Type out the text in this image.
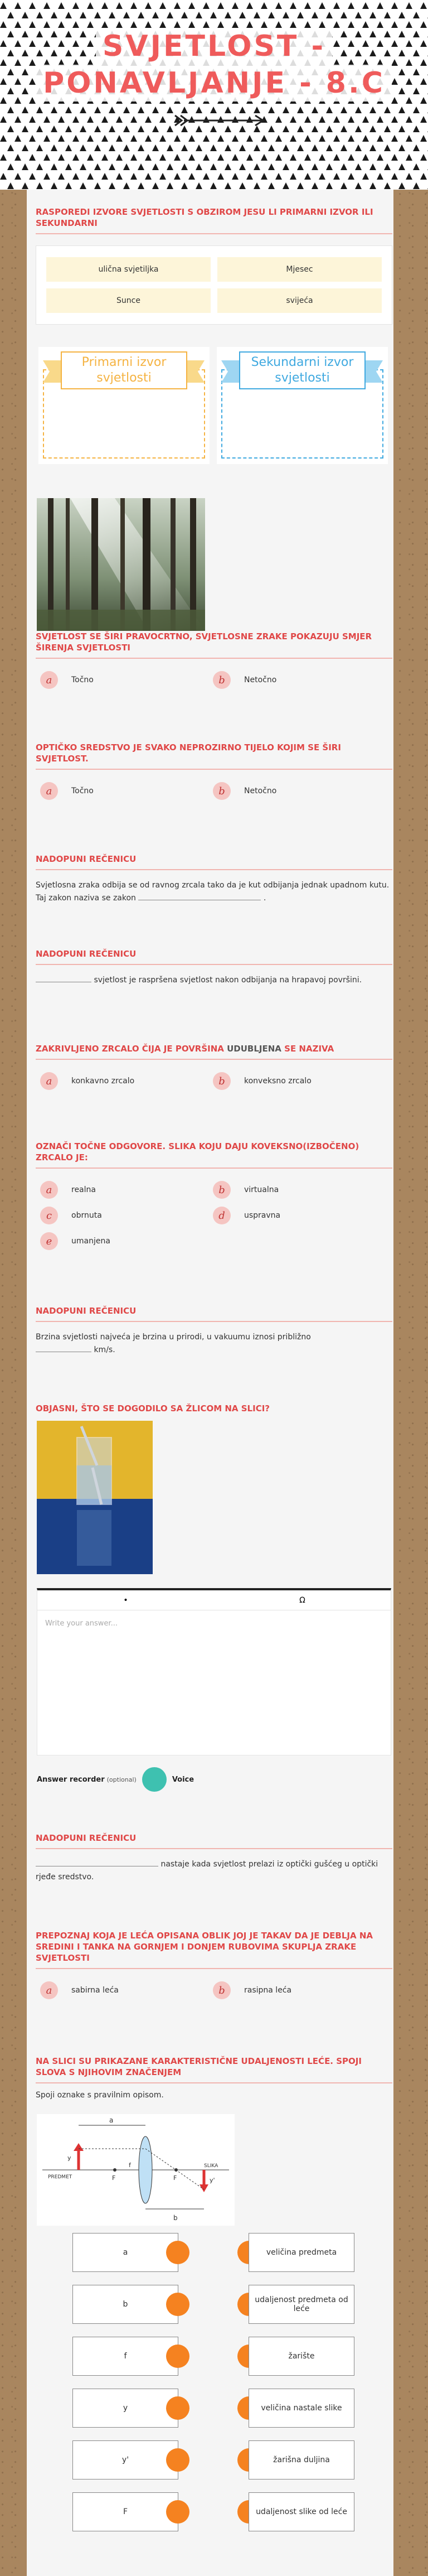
SVJETLOST -
PONAVLJANJE - 8.C
RASPOREDI IZVORE SVJETLOSTI S OBZIROM JESU LI PRIMARNI IZVOR ILI SEKUNDARNI
ulična svjetiljka	Mjesec
Sunce	svijeća
Primarni izvor svjetlosti
Sekundarni izvor svjetlosti
SVJETLOST SE ŠIRI PRAVOCRTNO, SVJETLOSNE ZRAKE POKAZUJU SMJER ŠIRENJA SVJETLOSTI
a	Točno	b	Netočno
OPTIČKO SREDSTVO JE SVAKO NEPROZIRNO TIJELO KOJIM SE ŠIRI SVJETLOST.
a	Točno	b	Netočno
NADOPUNI REČENICU
Svjetlosna zraka odbija se od ravnog zrcala tako da je kut odbijanja jednak upadnom kutu. Taj zakon naziva se zakon	.
NADOPUNI REČENICU
svjetlost je raspršena svjetlost nakon odbijanja na hrapavoj površini.
ZAKRIVLJENO ZRCALO ČIJA JE POVRŠINA UDUBLJENA SE NAZIVA
a	konkavno zrcalo	b	konveksno zrcalo
OZNAČI TOČNE ODGOVORE. SLIKA KOJU DAJU KOVEKSNO(IZBOČENO) ZRCALO JE:
a	realna	b	virtualna
c	obrnuta	d	uspravna
e	umanjena
NADOPUNI REČENICU
Brzina svjetlosti najveća je brzina u prirodi, u vakuumu iznosi približno
km/s.
OBJASNI, ŠTO SE DOGODILO SA ŽLICOM NA SLICI?
•	Ω
Write your answer...
Answer recorder (optional)	Voice
NADOPUNI REČENICU
nastaje kada svjetlost prelazi iz optički gušćeg u optički rjeđe sredstvo.
PREPOZNAJ KOJA JE LEĆA OPISANA OBLIK JOJ JE TAKAV DA JE DEBLJA NA SREDINI I TANKA NA GORNJEM I DONJEM RUBOVIMA SKUPLJA ZRAKE SVJETLOSTI
a	sabirna leća	b	rasipna leća
NA SLICI SU PRIKAZANE KARAKTERISTIČNE UDALJENOSTI LEĆE. SPOJI SLOVA S NJIHOVIM ZNAČENJEM
Spoji oznake s pravilnim opisom.
a
b
F	F
y
y'
PREDMET
SLIKA
f
a	veličina predmeta
b	udaljenost predmeta od leće
f	žarište
y	veličina nastale slike
y'	žarišna duljina
F	udaljenost slike od leće
